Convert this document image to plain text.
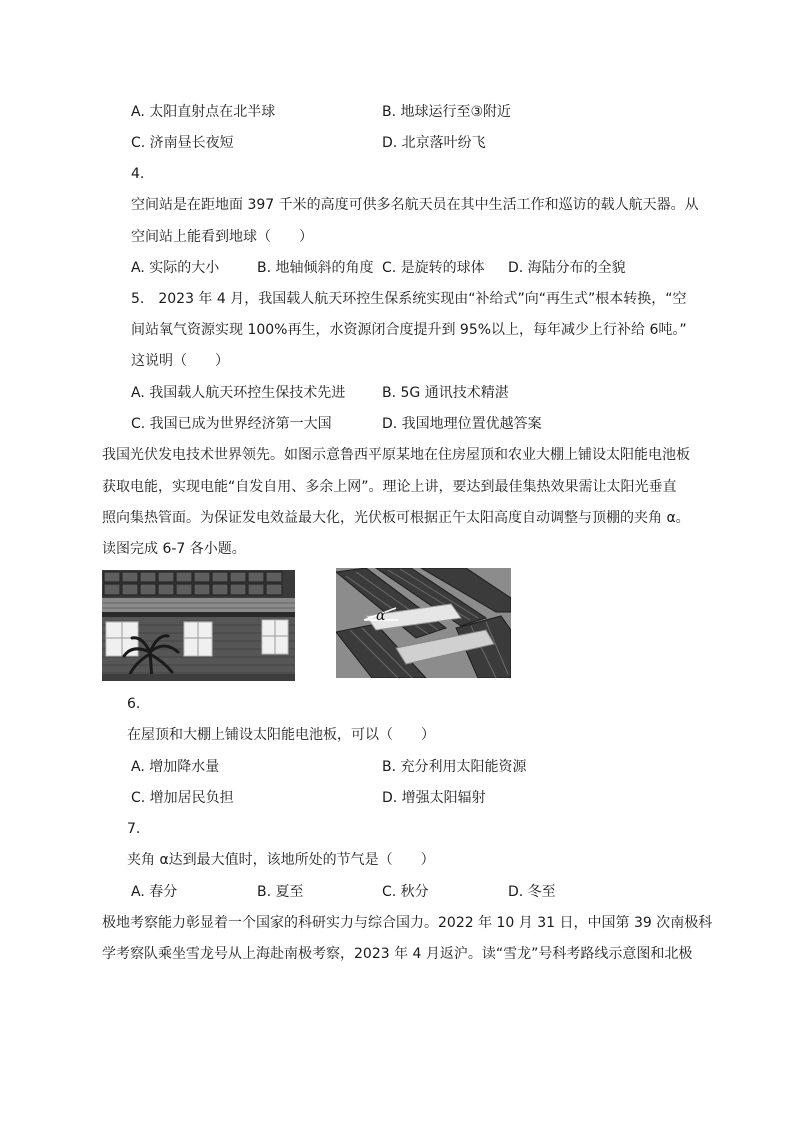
A. 太阳直射点在北半球	B. 地球运行至③附近
C. 济南昼长夜短	D. 北京落叶纷飞
4.
空间站是在距地面 397 千米的高度可供多名航天员在其中生活工作和巡访的载人航天器。从
空间站上能看到地球（　　）
A. 实际的大小	B. 地轴倾斜的角度 C. 是旋转的球体 D. 海陆分布的全貌
5.　2023 年 4 月，我国载人航天环控生保系统实现由“补给式”向“再生式”根本转换，“空
间站氧气资源实现 100%再生，水资源闭合度提升到 95%以上，每年减少上行补给 6吨。”
这说明（　　）
A. 我国载人航天环控生保技术先进	B. 5G 通讯技术精湛
C. 我国已成为世界经济第一大国	D. 我国地理位置优越答案
我国光伏发电技术世界领先。如图示意鲁西平原某地在住房屋顶和农业大棚上铺设太阳能电池板
获取电能，实现电能“自发自用、多余上网”。理论上讲，要达到最佳集热效果需让太阳光垂直
照向集热管面。为保证发电效益最大化，光伏板可根据正午太阳高度自动调整与顶棚的夹角 α。
读图完成 6-7 各小题。
α
6.
在屋顶和大棚上铺设太阳能电池板，可以（　　）
A. 增加降水量	B. 充分利用太阳能资源
C. 增加居民负担	D. 增强太阳辐射
7.
夹角 α达到最大值时，该地所处的节气是（　　）
A. 春分	B. 夏至	C. 秋分	D. 冬至
极地考察能力彰显着一个国家的科研实力与综合国力。2022 年 10 月 31 日，中国第 39 次南极科
学考察队乘坐雪龙号从上海赴南极考察，2023 年 4 月返沪。读“雪龙”号科考路线示意图和北极
